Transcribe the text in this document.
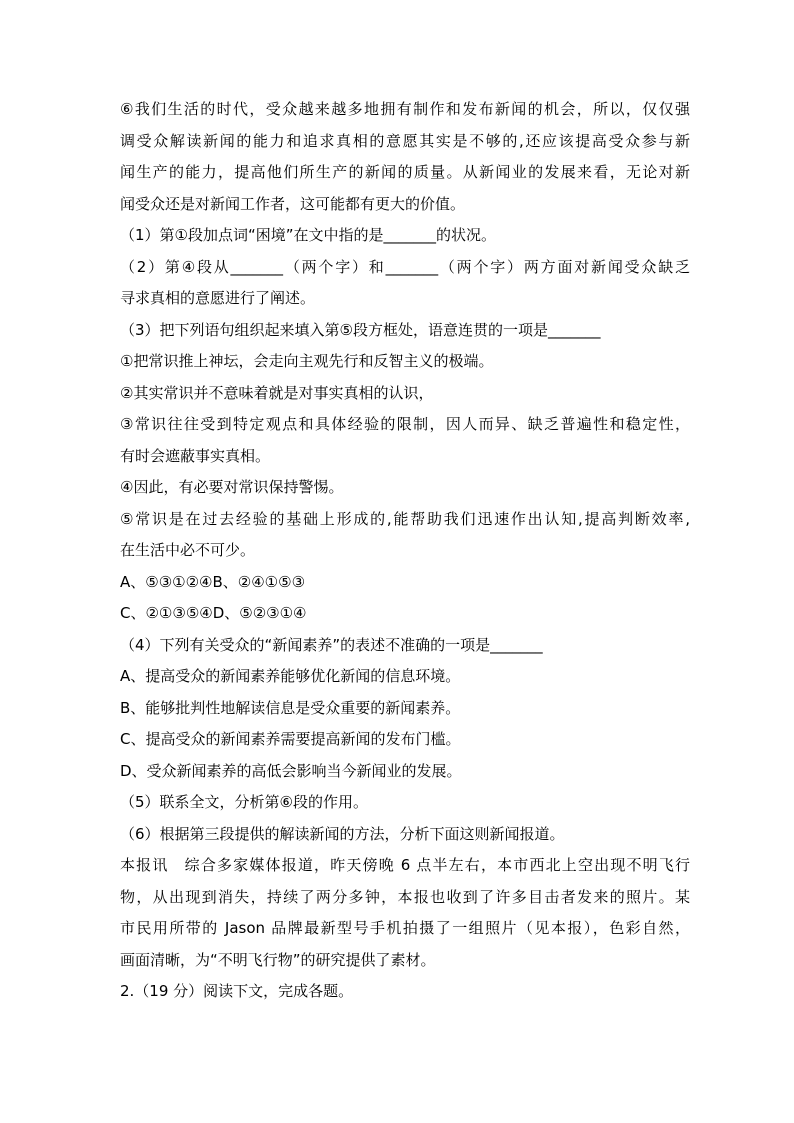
⑥我们生活的时代，受众越来越多地拥有制作和发布新闻的机会，所以，仅仅强
调受众解读新闻的能力和追求真相的意愿其实是不够的,还应该提高受众参与新
闻生产的能力，提高他们所生产的新闻的质量。从新闻业的发展来看，无论对新
闻受众还是对新闻工作者，这可能都有更大的价值。
（1）第①段加点词“困境”在文中指的是_______的状况。
（2）第④段从_______（两个字）和_______（两个字）两方面对新闻受众缺乏
寻求真相的意愿进行了阐述。
（3）把下列语句组织起来填入第⑤段方框处，语意连贯的一项是_______
①把常识推上神坛，会走向主观先行和反智主义的极端。
②其实常识并不意味着就是对事实真相的认识，
③常识往往受到特定观点和具体经验的限制，因人而异、缺乏普遍性和稳定性，
有时会遮蔽事实真相。
④因此，有必要对常识保持警惕。
⑤常识是在过去经验的基础上形成的,能帮助我们迅速作出认知,提高判断效率,
在生活中必不可少。
A、⑤③①②④B、②④①⑤③
C、②①③⑤④D、⑤②③①④
（4）下列有关受众的“新闻素养”的表述不准确的一项是_______
A、提高受众的新闻素养能够优化新闻的信息环境。
B、能够批判性地解读信息是受众重要的新闻素养。
C、提高受众的新闻素养需要提高新闻的发布门槛。
D、受众新闻素养的高低会影响当今新闻业的发展。
（5）联系全文，分析第⑥段的作用。
（6）根据第三段提供的解读新闻的方法，分析下面这则新闻报道。
本报讯　综合多家媒体报道，昨天傍晚 6 点半左右，本市西北上空出现不明飞行
物，从出现到消失，持续了两分多钟，本报也收到了许多目击者发来的照片。某
市民用所带的 Jason 品牌最新型号手机拍摄了一组照片（见本报），色彩自然，
画面清晰，为“不明飞行物”的研究提供了素材。
2.（19 分）阅读下文，完成各题。
